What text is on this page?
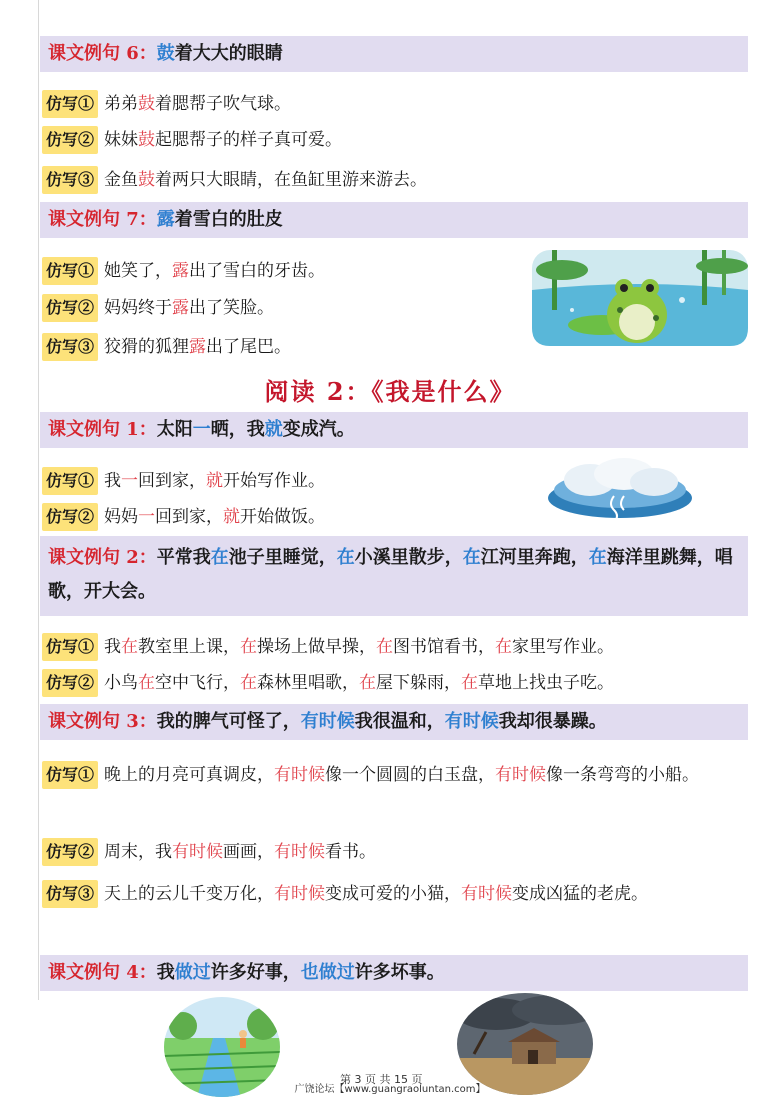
课文例句 6：鼓着大大的眼睛
仿写① 弟弟鼓着腮帮子吹气球。
仿写② 妹妹鼓起腮帮子的样子真可爱。
仿写③ 金鱼鼓着两只大眼睛，在鱼缸里游来游去。
课文例句 7：露着雪白的肚皮
仿写① 她笑了，露出了雪白的牙齿。
仿写② 妈妈终于露出了笑脸。
仿写③ 狡猾的狐狸露出了尾巴。
阅读 2：《我是什么》
课文例句 1：太阳一晒，我就变成汽。
仿写① 我一回到家，就开始写作业。
仿写② 妈妈一回到家，就开始做饭。
课文例句 2：平常我在池子里睡觉，在小溪里散步，在江河里奔跑，在海洋里跳舞，唱歌，开大会。
仿写① 我在教室里上课，在操场上做早操，在图书馆看书，在家里写作业。
仿写② 小鸟在空中飞行，在森林里唱歌，在屋下躲雨，在草地上找虫子吃。
课文例句 3：我的脾气可怪了，有时候我很温和，有时候我却很暴躁。
仿写① 晚上的月亮可真调皮，有时候像一个圆圆的白玉盘，有时候像一条弯弯的小船。
仿写② 周末，我有时候画画，有时候看书。
仿写③ 天上的云儿千变万化，有时候变成可爱的小猫，有时候变成凶猛的老虎。
课文例句 4：我做过许多好事，也做过许多坏事。
第 3 页 共 15 页
广饶论坛【www.guangraoluntan.com】
